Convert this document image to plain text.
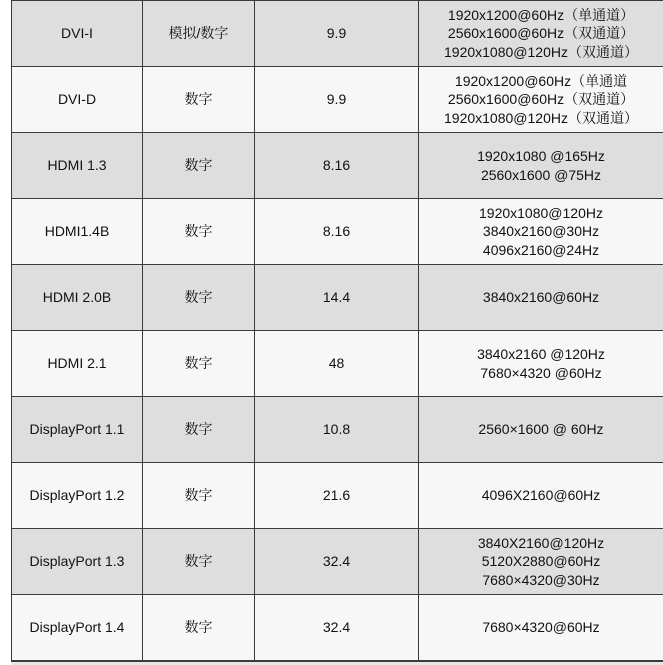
DVI-I	模拟/数字	9.9	1920x1200@60Hz（单通道）
2560x1600@60Hz（双通道）
1920x1080@120Hz（双通道）

DVI-D	数字	9.9	1920x1200@60Hz（单通道
2560x1600@60Hz（双通道）
1920x1080@120Hz（双通道）

HDMI 1.3	数字	8.16	1920x1080 @165Hz
2560x1600 @75Hz

HDMI1.4B	数字	8.16	1920x1080@120Hz
3840x2160@30Hz
4096x2160@24Hz

HDMI 2.0B	数字	14.4	3840x2160@60Hz

HDMI 2.1	数字	48	3840x2160 @120Hz
7680×4320 @60Hz

DisplayPort 1.1	数字	10.8	2560×1600 @ 60Hz

DisplayPort 1.2	数字	21.6	4096X2160@60Hz

DisplayPort 1.3	数字	32.4	3840X2160@120Hz
5120X2880@60Hz
7680×4320@30Hz

DisplayPort 1.4	数字	32.4	7680×4320@60Hz
